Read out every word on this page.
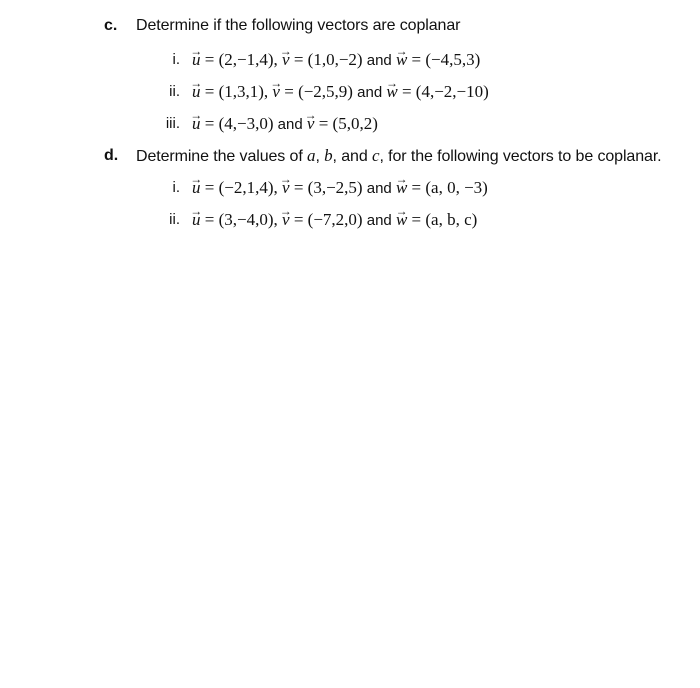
c. Determine if the following vectors are coplanar
i. → u = (2,−1,4), → v = (1,0,−2) and → w = (−4,5,3)
ii. → u = (1,3,1), → v = (−2,5,9) and → w = (4,−2,−10)
iii. → u = (4,−3,0) and → v = (5,0,2)
d. Determine the values of a, b, and c, for the following vectors to be coplanar.
i. → u = (−2,1,4), → v = (3,−2,5) and → w = (a, 0, −3)
ii. → u = (3,−4,0), → v = (−7,2,0) and → w = (a, b, c)
